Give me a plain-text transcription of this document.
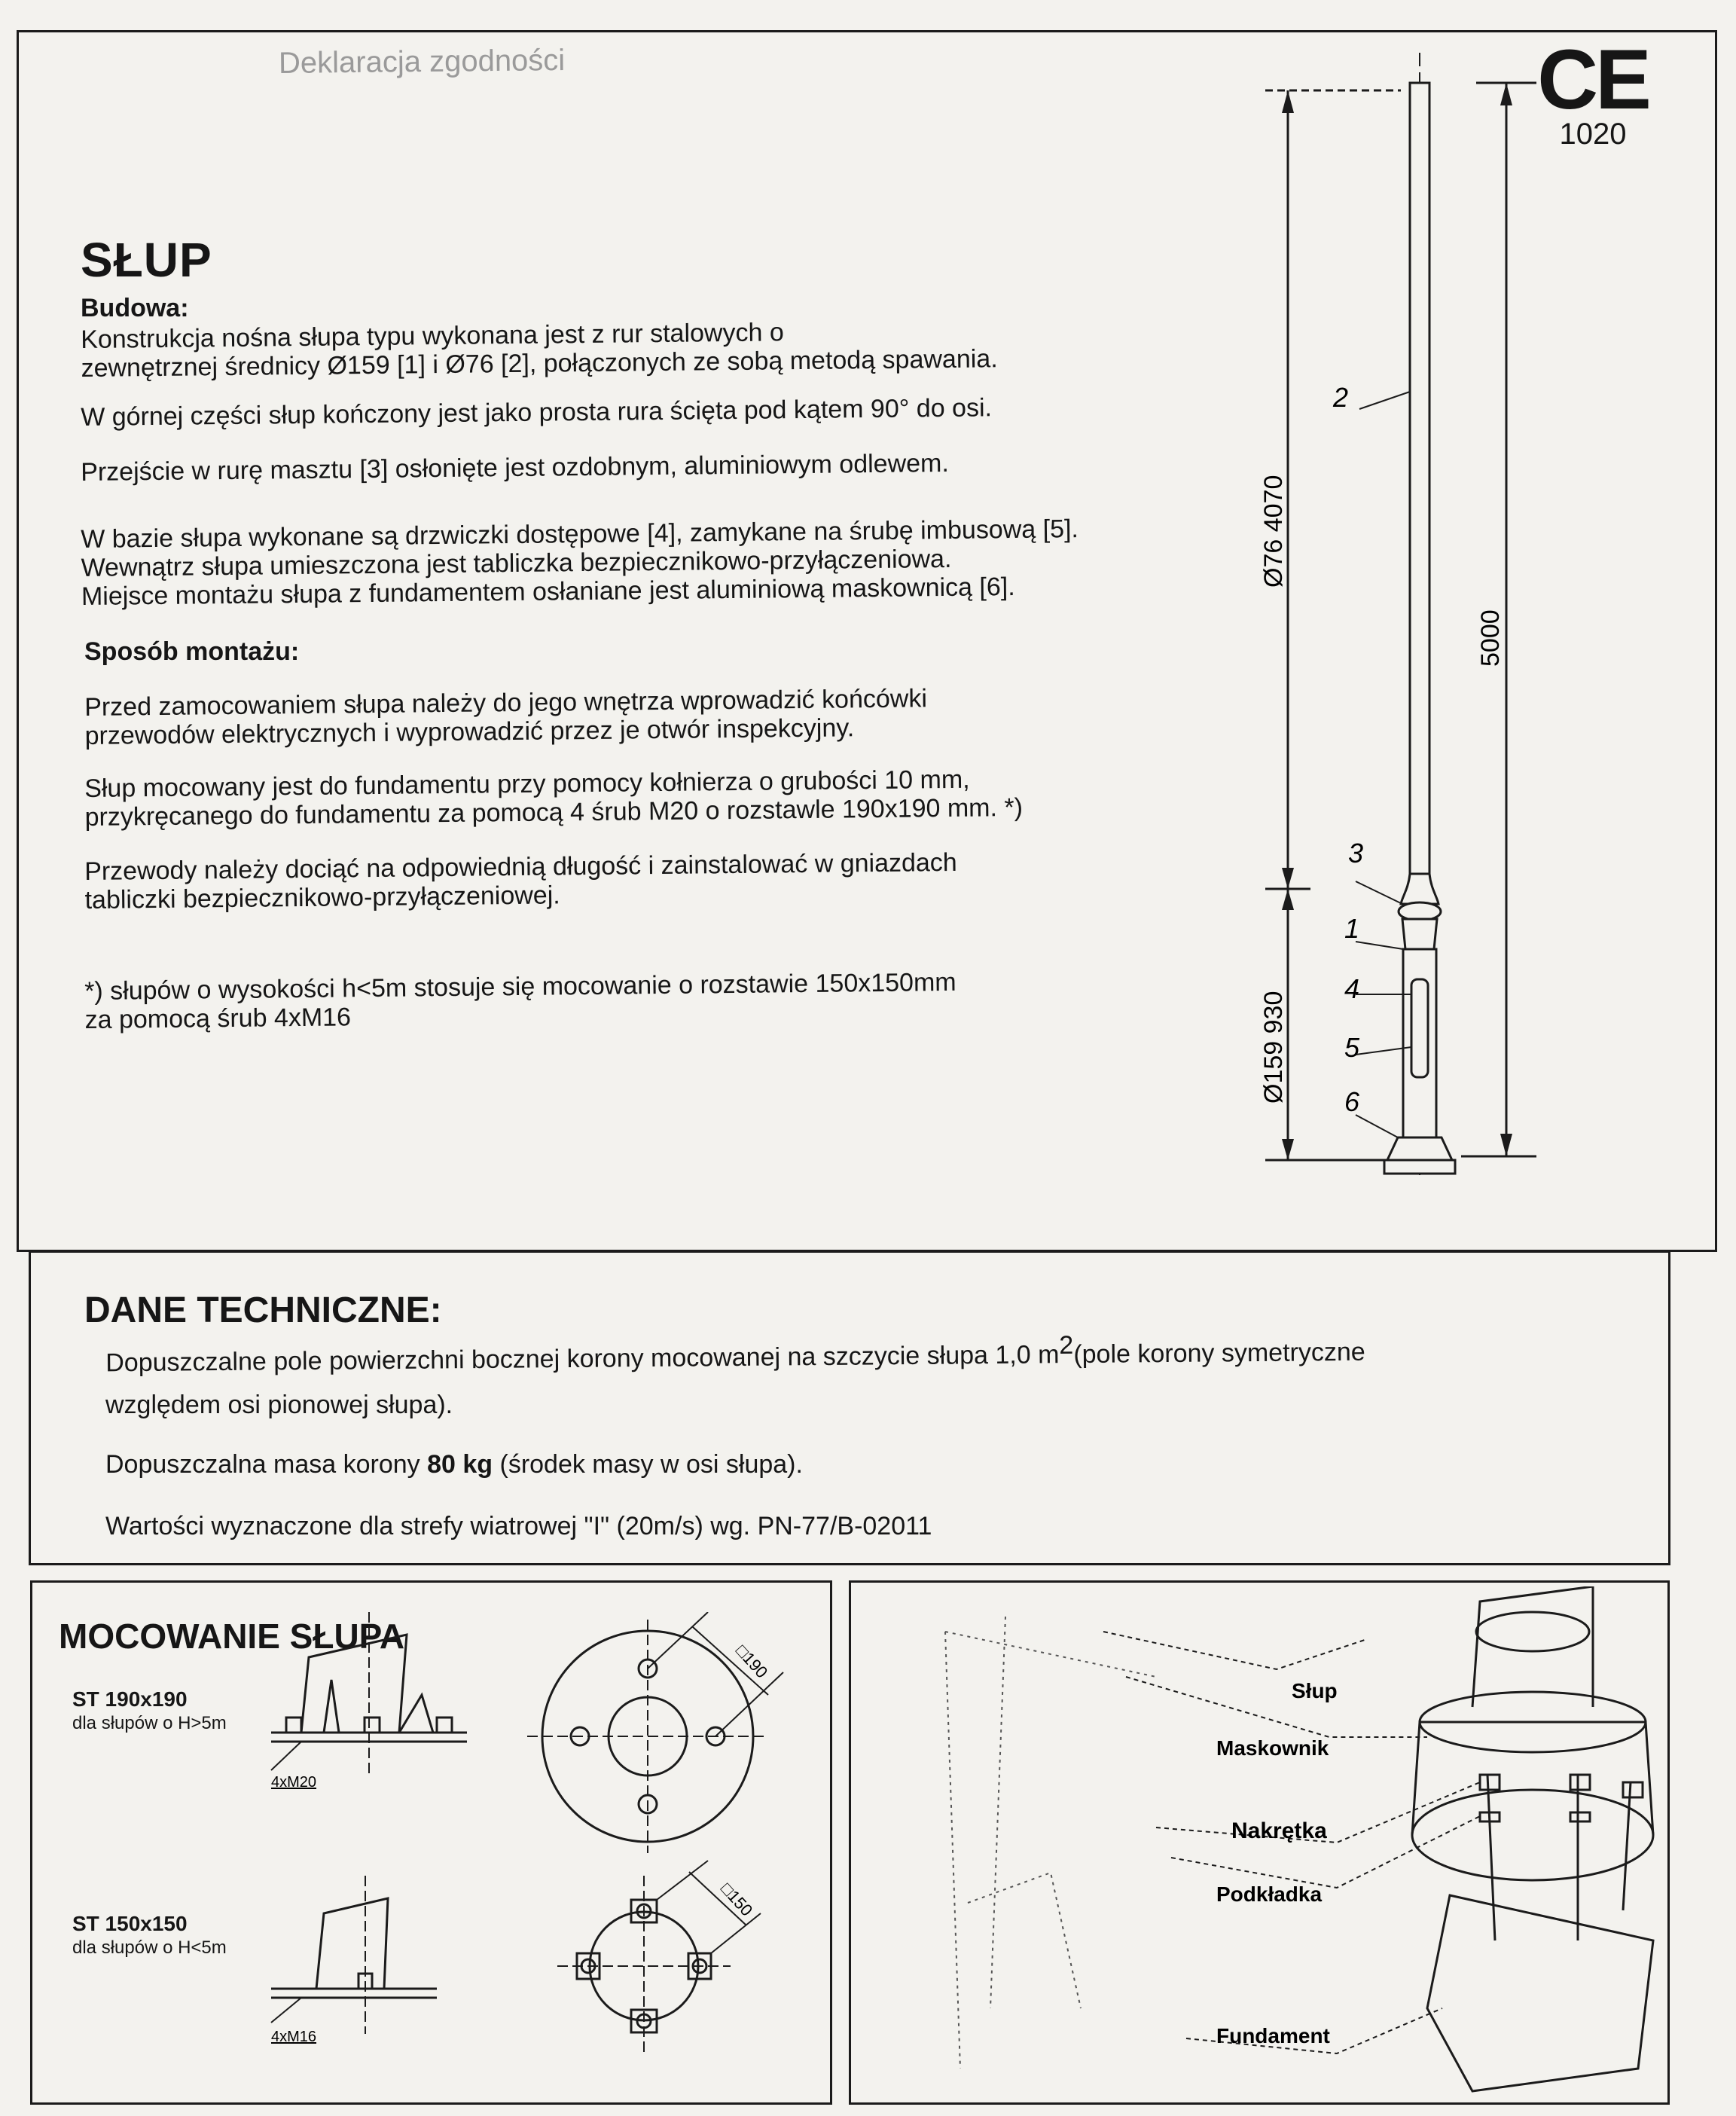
Deklaracja zgodności	CE
1020
SŁUP
Budowa:
Konstrukcja nośna słupa typu wykonana jest z rur stalowych o
zewnętrznej średnicy Ø159 [1] i Ø76 [2], połączonych ze sobą metodą spawania.
W górnej części słup kończony jest jako prosta rura ścięta pod kątem 90° do osi.
Przejście w rurę masztu [3] osłonięte jest ozdobnym, aluminiowym odlewem.
W bazie słupa wykonane są drzwiczki dostępowe [4], zamykane na śrubę imbusową [5].
Wewnątrz słupa umieszczona jest tabliczka bezpiecznikowo-przyłączeniowa.
Miejsce montażu słupa z fundamentem osłaniane jest aluminiową maskownicą [6].
Sposób montażu:
Przed zamocowaniem słupa należy do jego wnętrza wprowadzić końcówki
przewodów elektrycznych i wyprowadzić przez je otwór inspekcyjny.
Słup mocowany jest do fundamentu przy pomocy kołnierza o grubości 10 mm,
przykręcanego do fundamentu za pomocą 4 śrub M20 o rozstawle 190x190 mm. *)
Przewody należy dociąć na odpowiednią długość i zainstalować w gniazdach
tabliczki bezpiecznikowo-przyłączeniowej.
*) słupów o wysokości h<5m stosuje się mocowanie o rozstawie 150x150mm
za pomocą śrub 4xM16
2
3
1
4
5
6
Ø76 4070
Ø159 930
5000
DANE TECHNICZNE:
Dopuszczalne pole powierzchni bocznej korony mocowanej na szczycie słupa 1,0 $m^2(pole$ korony symetryczne
względem osi pionowej słupa).
Dopuszczalna masa korony 80 kg (środek masy w osi słupa).
Wartości wyznaczone dla strefy wiatrowej "I" (20m/s) wg. PN-77/B-02011
MOCOWANIE SŁUPA
ST 190x190
dla słupów o H>5m
ST 150x150
dla słupów o H<5m
4xM20
□190
4xM16
□150
Słup
Maskownik
Nakrętka
Podkładka
Fundament
